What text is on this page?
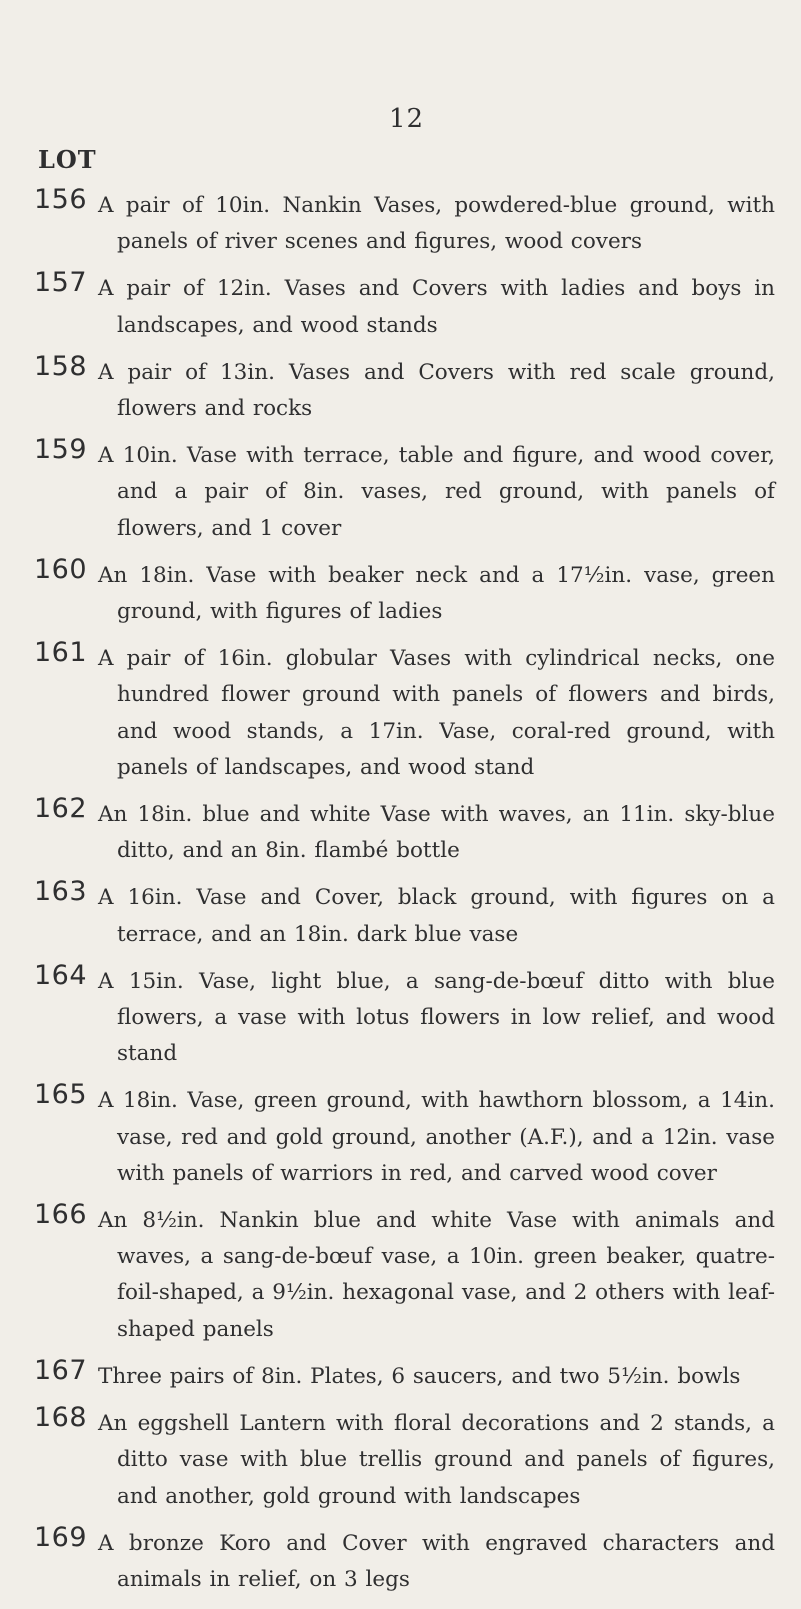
12
LOT
156 A pair of 10in. Nankin Vases, powdered-blue ground, with panels of river scenes and figures, wood covers
157 A pair of 12in. Vases and Covers with ladies and boys in landscapes, and wood stands
158 A pair of 13in. Vases and Covers with red scale ground, flowers and rocks
159 A 10in. Vase with terrace, table and figure, and wood cover, and a pair of 8in. vases, red ground, with panels of flowers, and 1 cover
160 An 18in. Vase with beaker neck and a 17½in. vase, green ground, with figures of ladies
161 A pair of 16in. globular Vases with cylindrical necks, one hundred flower ground with panels of flowers and birds, and wood stands, a 17in. Vase, coral-red ground, with panels of landscapes, and wood stand
162 An 18in. blue and white Vase with waves, an 11in. sky-blue ditto, and an 8in. flambé bottle
163 A 16in. Vase and Cover, black ground, with figures on a terrace, and an 18in. dark blue vase
164 A 15in. Vase, light blue, a sang-de-bœuf ditto with blue flowers, a vase with lotus flowers in low relief, and wood stand
165 A 18in. Vase, green ground, with hawthorn blossom, a 14in. vase, red and gold ground, another (A.F.), and a 12in. vase with panels of warriors in red, and carved wood cover
166 An 8½in. Nankin blue and white Vase with animals and waves, a sang-de-bœuf vase, a 10in. green beaker, quatre-foil-shaped, a 9½in. hexagonal vase, and 2 others with leaf-shaped panels
167 Three pairs of 8in. Plates, 6 saucers, and two 5½in. bowls
168 An eggshell Lantern with floral decorations and 2 stands, a ditto vase with blue trellis ground and panels of figures, and another, gold ground with landscapes
169 A bronze Koro and Cover with engraved characters and animals in relief, on 3 legs
